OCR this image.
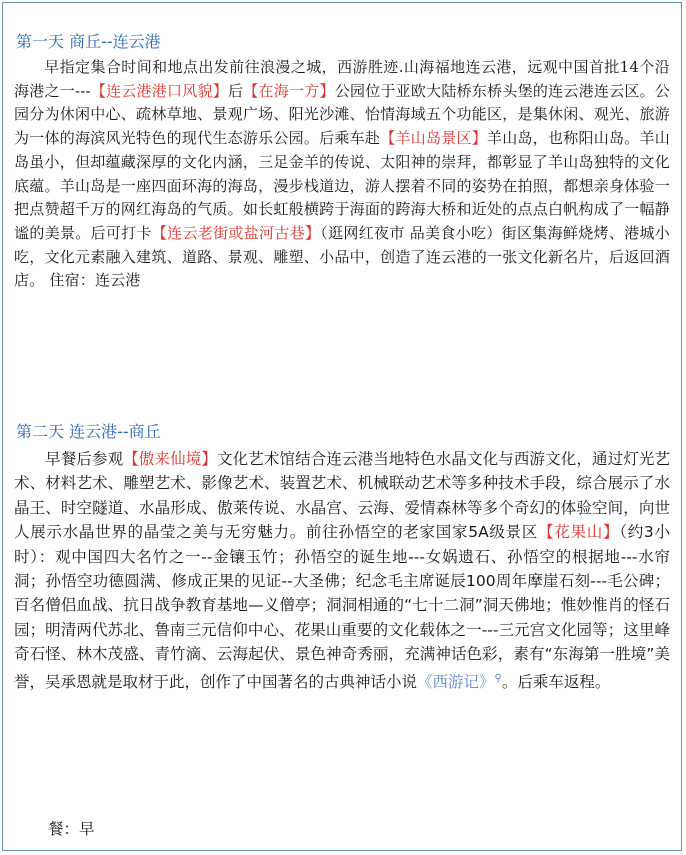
第一天 商丘--连云港

早指定集合时间和地点出发前往浪漫之城，西游胜迹.山海福地连云港，远观中国首批14个沿海港之一---【连云港港口风貌】后【在海一方】公园位于亚欧大陆桥东桥头堡的连云港连云区。公园分为休闲中心、疏林草地、景观广场、阳光沙滩、怡情海域五个功能区，是集休闲、观光、旅游为一体的海滨风光特色的现代生态游乐公园。后乘车赴【羊山岛景区】羊山岛，也称阳山岛。羊山岛虽小，但却蕴藏深厚的文化内涵，三足金羊的传说、太阳神的崇拜，都彰显了羊山岛独特的文化底蕴。羊山岛是一座四面环海的海岛，漫步栈道边，游人摆着不同的姿势在拍照，都想亲身体验一把点赞超千万的网红海岛的气质。如长虹般横跨于海面的跨海大桥和近处的点点白帆构成了一幅静谧的美景。后可打卡【连云老街或盐河古巷】（逛网红夜市 品美食小吃）街区集海鲜烧烤、港城小吃，文化元素融入建筑、道路、景观、雕塑、小品中，创造了连云港的一张文化新名片，后返回酒店。 住宿：连云港

第二天 连云港--商丘

早餐后参观【傲来仙境】文化艺术馆结合连云港当地特色水晶文化与西游文化，通过灯光艺术、材料艺术、雕塑艺术、影像艺术、装置艺术、机械联动艺术等多种技术手段，综合展示了水晶王、时空隧道、水晶形成、傲莱传说、水晶宫、云海、爱情森林等多个奇幻的体验空间，向世人展示水晶世界的晶莹之美与无穷魅力。前往孙悟空的老家国家5A级景区【花果山】（约3小时）：观中国四大名竹之一--金镶玉竹；孙悟空的诞生地---女娲遗石、孙悟空的根据地---水帘洞；孙悟空功德圆满、修成正果的见证--大圣佛；纪念毛主席诞辰100周年摩崖石刻---毛公碑；百名僧侣血战、抗日战争教育基地—义僧亭；洞洞相通的“七十二洞”洞天佛地；惟妙惟肖的怪石园；明清两代苏北、鲁南三元信仰中心、花果山重要的文化载体之一---三元宫文化园等；这里峰奇石怪、林木茂盛、青竹滴、云海起伏、景色神奇秀丽，充满神话色彩，素有“东海第一胜境”美誉，吴承恩就是取材于此，创作了中国著名的古典神话小说《西游记》⚲。后乘车返程。

餐：早
